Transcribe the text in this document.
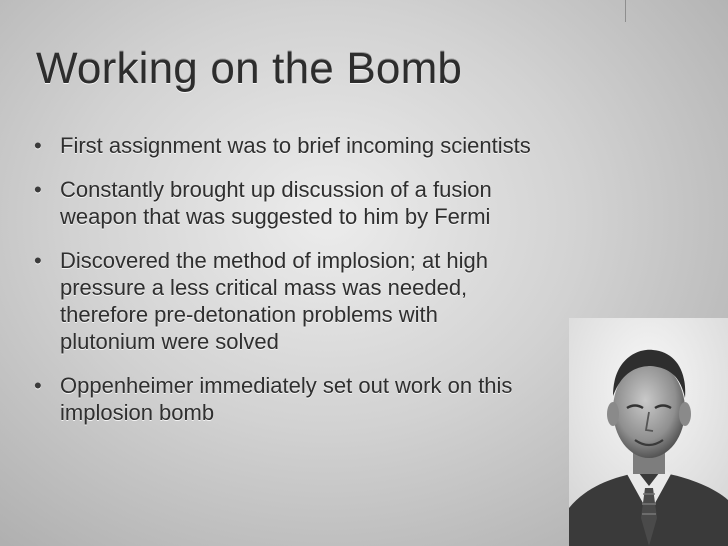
Working on the Bomb
• First assignment was to brief incoming scientists
• Constantly brought up discussion of a fusion
weapon that was suggested to him by Fermi
• Discovered the method of implosion; at high
pressure a less critical mass was needed,
therefore pre-detonation problems with
plutonium were solved
• Oppenheimer immediately set out work on this
implosion bomb
